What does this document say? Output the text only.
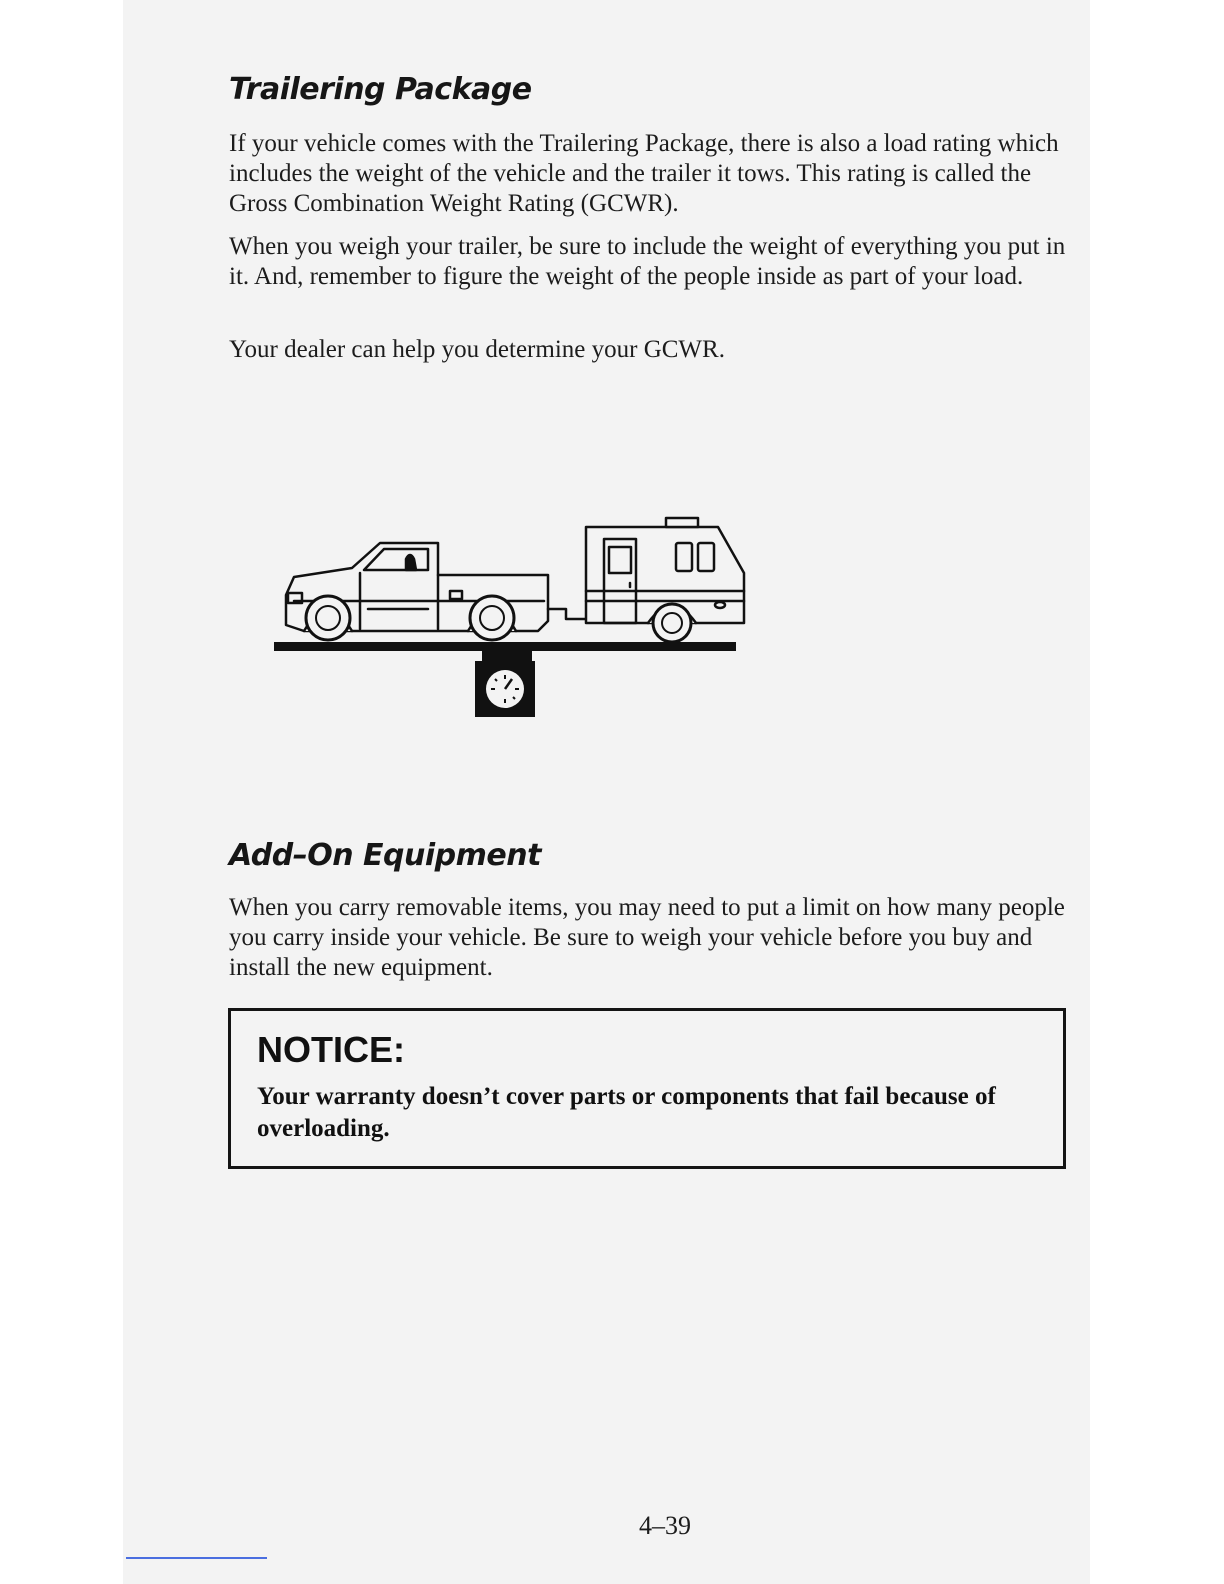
Trailering Package

If your vehicle comes with the Trailering Package, there is also a load rating which includes the weight of the vehicle and the trailer it tows. This rating is called the Gross Combination Weight Rating (GCWR).

When you weigh your trailer, be sure to include the weight of everything you put in it. And, remember to figure the weight of the people inside as part of your load.

Your dealer can help you determine your GCWR.

Add–On Equipment

When you carry removable items, you may need to put a limit on how many people you carry inside your vehicle. Be sure to weigh your vehicle before you buy and install the new equipment.

NOTICE:

Your warranty doesn’t cover parts or components that fail because of overloading.

4–39
